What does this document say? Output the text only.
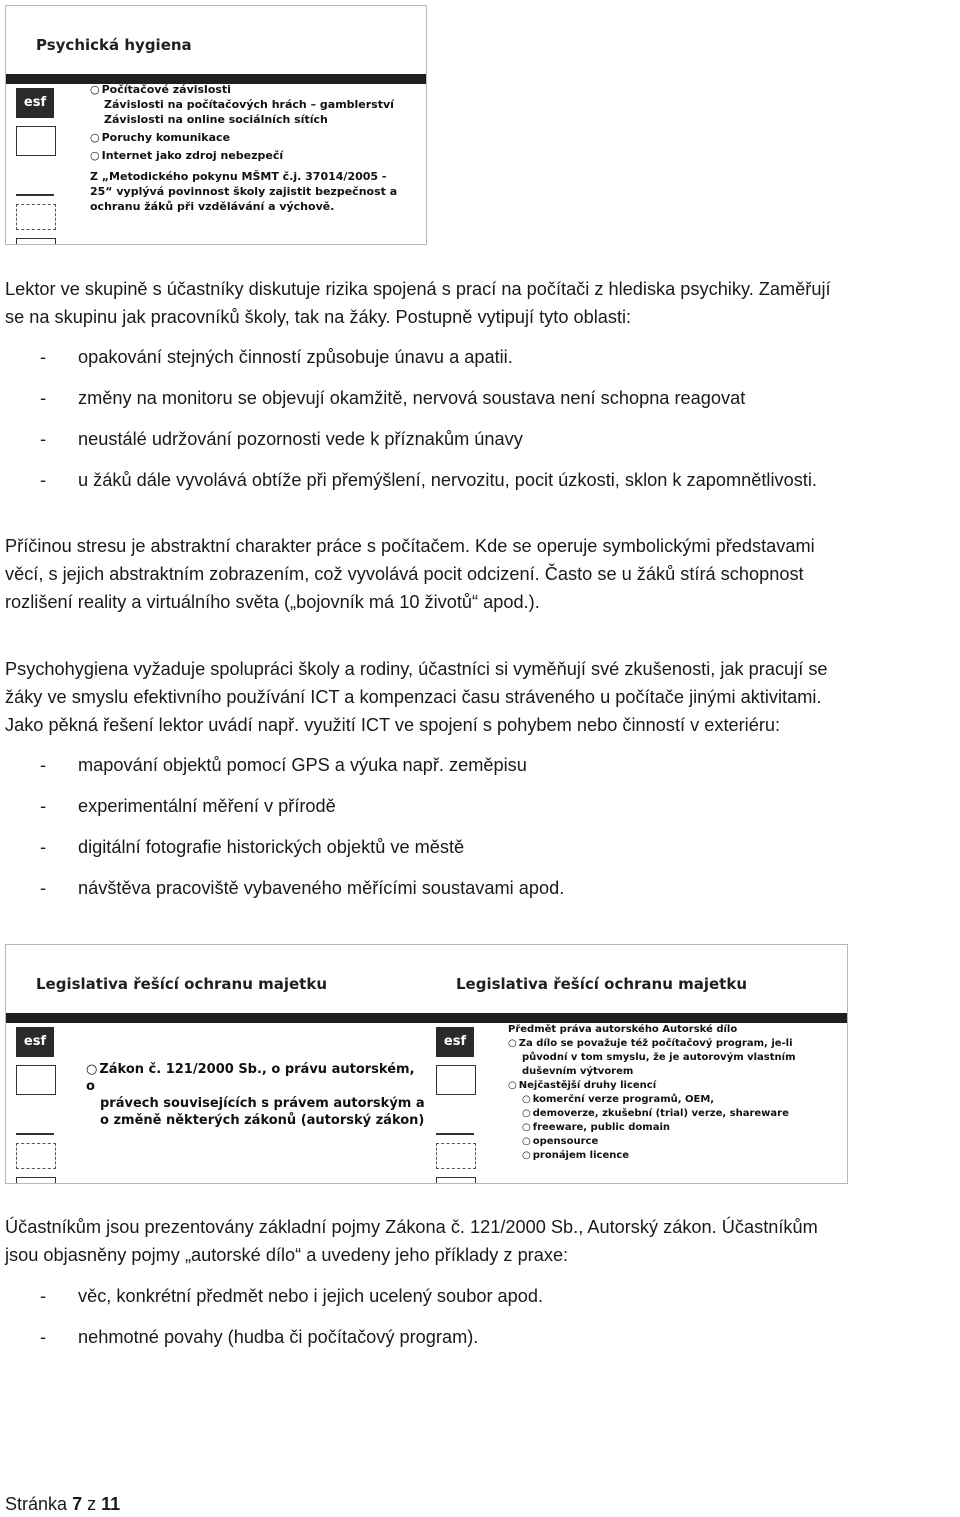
Psychická hygiena
esf
○ Počítačové závislosti
Závislosti na počítačových hrách – gamblerství
Závislosti na online sociálních sítích
○ Poruchy komunikace
○ Internet jako zdroj nebezpečí
Z „Metodického pokynu MŠMT č.j. 37014/2005 -
25“ vyplývá povinnost školy zajistit bezpečnost a
ochranu žáků při vzdělávání a výchově.
Lektor ve skupině s účastníky diskutuje rizika spojená s prací na počítači z hlediska psychiky. Zaměřují
se na skupinu jak pracovníků školy, tak na žáky. Postupně vytipují tyto oblasti:
- opakování stejných činností způsobuje únavu a apatii.
- změny na monitoru se objevují okamžitě, nervová soustava není schopna reagovat
- neustálé udržování pozornosti vede k příznakům únavy
- u žáků dále vyvolává obtíže při přemýšlení, nervozitu, pocit úzkosti, sklon k zapomnětlivosti.
Příčinou stresu je abstraktní charakter práce s počítačem. Kde se operuje symbolickými představami
věcí, s jejich abstraktním zobrazením, což vyvolává pocit odcizení. Často se u žáků stírá schopnost
rozlišení reality a virtuálního světa („bojovník má 10 životů“ apod.).
Psychohygiena vyžaduje spolupráci školy a rodiny, účastníci si vyměňují své zkušenosti, jak pracují se
žáky ve smyslu efektivního používání ICT a kompenzaci času stráveného u počítače jinými aktivitami.
Jako pěkná řešení lektor uvádí např. využití ICT ve spojení s pohybem nebo činností v exteriéru:
- mapování objektů pomocí GPS a výuka např. zeměpisu
- experimentální měření v přírodě
- digitální fotografie historických objektů ve městě
- návštěva pracoviště vybaveného měřícími soustavami apod.
Legislativa řešící ochranu majetku
esf
○ Zákon č. 121/2000 Sb., o právu autorském, o
právech souvisejících s právem autorským a
o změně některých zákonů (autorský zákon)
Legislativa řešící ochranu majetku
esf
Předmět práva autorského Autorské dílo
○ Za dílo se považuje též počítačový program, je-li
původní v tom smyslu, že je autorovým vlastním
duševním výtvorem
○ Nejčastější druhy licencí
○ komerční verze programů, OEM,
○ demoverze, zkušební (trial) verze, shareware
○ freeware, public domain
○ opensource
○ pronájem licence
Účastníkům jsou prezentovány základní pojmy Zákona č. 121/2000 Sb., Autorský zákon. Účastníkům
jsou objasněny pojmy „autorské dílo“ a uvedeny jeho příklady z praxe:
- věc, konkrétní předmět nebo i jejich ucelený soubor apod.
- nehmotné povahy (hudba či počítačový program).
Stránka 7 z 11
